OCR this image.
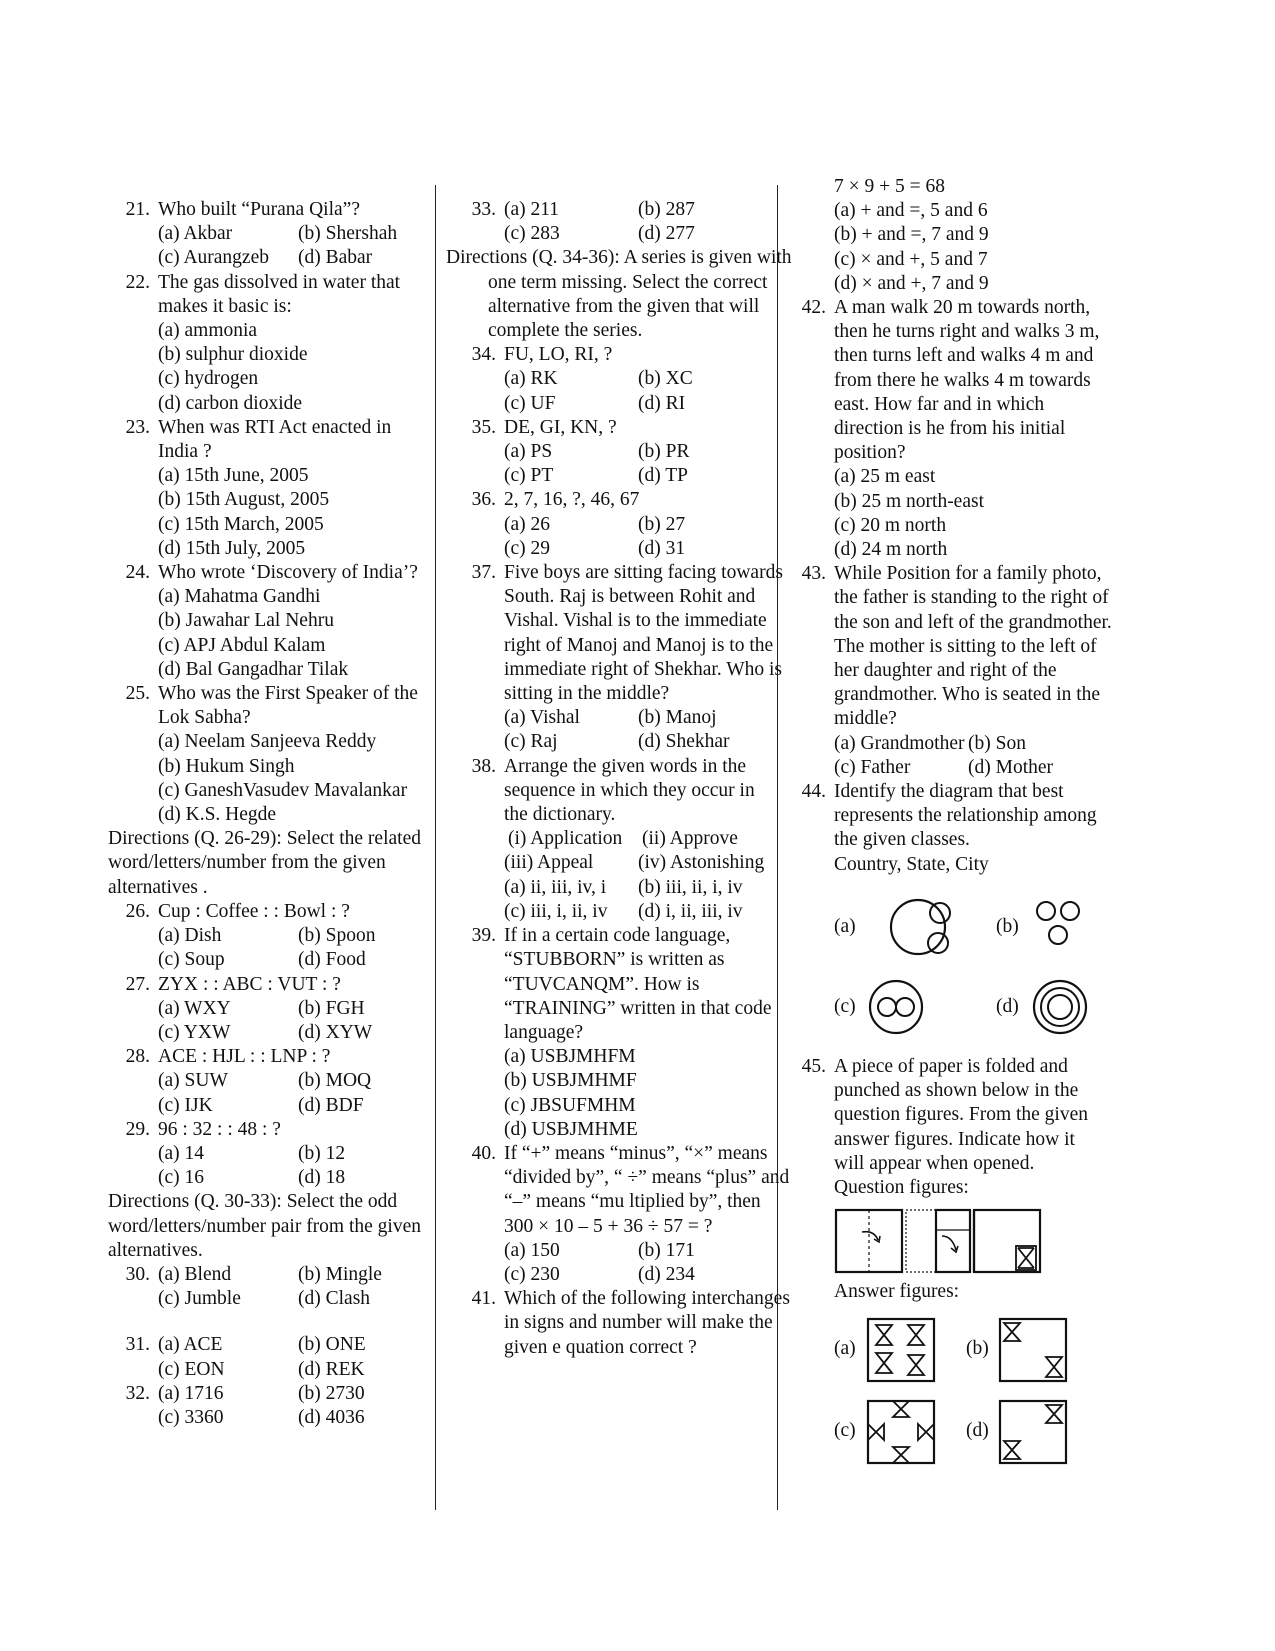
21. Who built “Purana Qila”?
(a) Akbar	(b) Shershah
(c) Aurangzeb	(d) Babar
22. The gas dissolved in water that makes it basic is:
(a) ammonia
(b) sulphur dioxide
(c) hydrogen
(d) carbon dioxide
23. When was RTI Act enacted in India ?
(a) 15th June, 2005
(b) 15th August, 2005
(c) 15th March, 2005
(d) 15th July, 2005
24. Who wrote ‘Discovery of India’?
(a) Mahatma Gandhi
(b) Jawahar Lal Nehru
(c) APJ Abdul Kalam
(d) Bal Gangadhar Tilak
25. Who was the First Speaker of the Lok Sabha?
(a) Neelam Sanjeeva Reddy
(b) Hukum Singh
(c) GaneshVasudev Mavalankar
(d) K.S. Hegde
Directions (Q. 26-29): Select the related word/letters/number from the given alternatives .
26. Cup : Coffee : : Bowl : ?
(a) Dish	(b) Spoon
(c) Soup	(d) Food
27. ZYX : : ABC : VUT : ?
(a) WXY	(b) FGH
(c) YXW	(d) XYW
28. ACE : HJL : : LNP : ?
(a) SUW	(b) MOQ
(c) IJK	(d) BDF
29. 96 : 32 : : 48 : ?
(a) 14	(b) 12
(c) 16	(d) 18
Directions (Q. 30-33): Select the odd word/letters/number pair from the given alternatives.
30. (a) Blend	(b) Mingle
(c) Jumble	(d) Clash
31. (a) ACE	(b) ONE
(c) EON	(d) REK
32. (a) 1716	(b) 2730
(c) 3360	(d) 4036
33. (a) 211	(b) 287
(c) 283	(d) 277
Directions (Q. 34-36): A series is given with one term missing. Select the correct alternative from the given that will complete the series.
34. FU, LO, RI, ?
(a) RK	(b) XC
(c) UF	(d) RI
35. DE, GI, KN, ?
(a) PS	(b) PR
(c) PT	(d) TP
36. 2, 7, 16, ?, 46, 67
(a) 26	(b) 27
(c) 29	(d) 31
37. Five boys are sitting facing towards South. Raj is between Rohit and Vishal. Vishal is to the immediate right of Manoj and Manoj is to the immediate right of Shekhar. Who is sitting in the middle?
(a) Vishal	(b) Manoj
(c) Raj	(d) Shekhar
38. Arrange the given words in the sequence in which they occur in the dictionary.
(i) Application	(ii) Approve
(iii) Appeal	(iv) Astonishing
(a) ii, iii, iv, i	(b) iii, ii, i, iv
(c) iii, i, ii, iv	(d) i, ii, iii, iv
39. If in a certain code language, “STUBBORN” is written as “TUVCANQM”. How is “TRAINING” written in that code language?
(a) USBJMHFM
(b) USBJMHMF
(c) JBSUFMHM
(d) USBJMHME
40. If “+” means “minus”, “×” means “divided by”, “ ÷” means “plus” and “–” means “mu ltiplied by”, then 300 × 10 – 5 + 36 ÷ 57 = ?
(a) 150	(b) 171
(c) 230	(d) 234
41. Which of the following interchanges in signs and number will make the given e quation correct ?
7 × 9 + 5 = 68
(a) + and =, 5 and 6
(b) + and =, 7 and 9
(c) × and +, 5 and 7
(d) × and +, 7 and 9
42. A man walk 20 m towards north, then he turns right and walks 3 m, then turns left and walks 4 m and from there he walks 4 m towards east. How far and in which direction is he from his initial position?
(a) 25 m east
(b) 25 m north-east
(c) 20 m north
(d) 24 m north
43. While Position for a family photo, the father is standing to the right of the son and left of the grandmother. The mother is sitting to the left of her daughter and right of the grandmother. Who is seated in the middle?
(a) Grandmother (b) Son
(c) Father	(d) Mother
44. Identify the diagram that best represents the relationship among the given classes.
Country, State, City
(a)	(b)
(c)	(d)
45. A piece of paper is folded and punched as shown below in the question figures. From the given answer figures. Indicate how it will appear when opened.
Question figures:
Answer figures:
(a)	(b)
(c)	(d)
